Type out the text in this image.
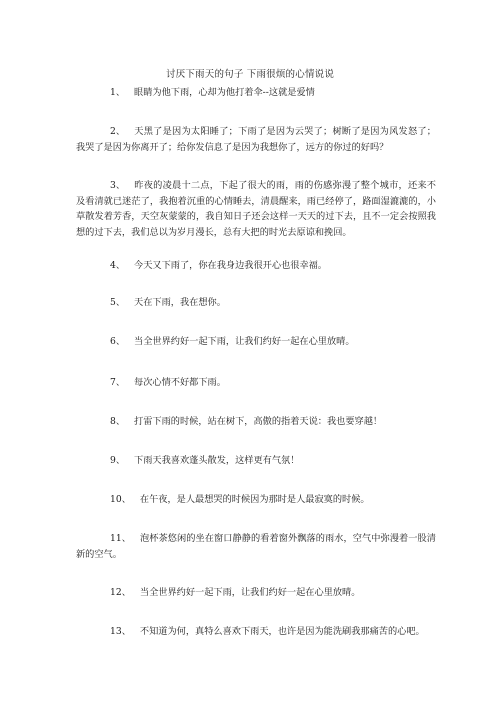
讨厌下雨天的句子 下雨很烦的心情说说
1、 眼睛为他下雨，心却为他打着伞--这就是爱情
2、 天黑了是因为太阳睡了；下雨了是因为云哭了；树断了是因为风发怒了；我哭了是因为你离开了；给你发信息了是因为我想你了，远方的你过的好吗？
3、 昨夜的凌晨十二点，下起了很大的雨，雨的伤感弥漫了整个城市，还来不及看清就已迷茫了，我抱着沉重的心情睡去，清晨醒来，雨已经停了，路面湿漉漉的，小草散发着芳香，天空灰蒙蒙的，我自知日子还会这样一天天的过下去，且不一定会按照我想的过下去，我们总以为岁月漫长，总有大把的时光去原谅和挽回。
4、 今天又下雨了，你在我身边我很开心也很幸福。
5、 天在下雨，我在想你。
6、 当全世界约好一起下雨，让我们约好一起在心里放晴。
7、 每次心情不好都下雨。
8、 打雷下雨的时候，站在树下，高傲的指着天说：我也要穿越！
9、 下雨天我喜欢蓬头散发，这样更有气氛！
10、 在午夜，是人最想哭的时候因为那时是人最寂寞的时候。
11、 泡杯茶悠闲的坐在窗口静静的看着窗外飘落的雨水，空气中弥漫着一股清新的空气。
12、 当全世界约好一起下雨，让我们约好一起在心里放晴。
13、 不知道为何，真特么喜欢下雨天，也许是因为能洗刷我那痛苦的心吧。
